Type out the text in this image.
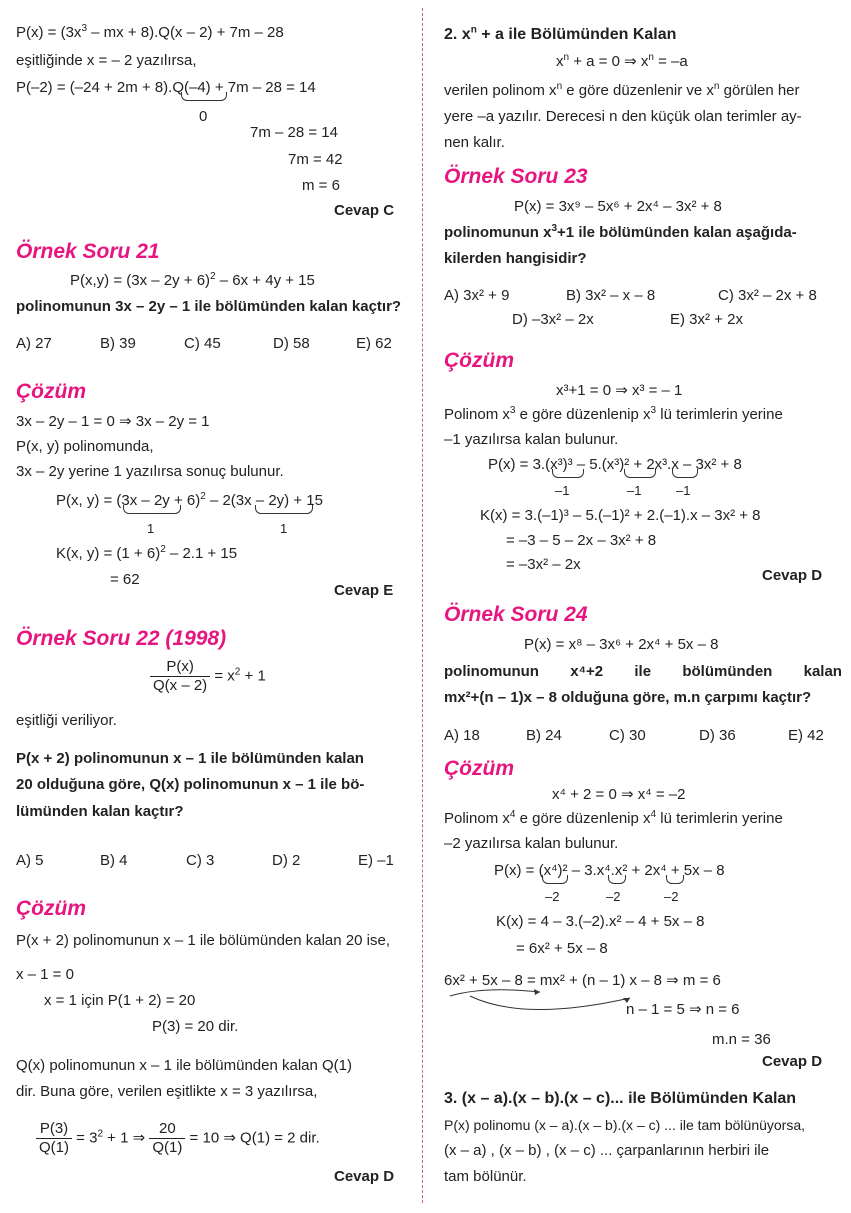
$P(x) = (3x^3$ – mx + 8).Q(x – 2) + 7m – 28
eşitliğinde x = – 2 yazılırsa,
P(–2) = (–24 + 2m + 8).Q(–4) + 7m – 28 = 14
0
7m – 28 = 14
7m = 42
m = 6
Cevap C
Örnek Soru 21
$P(x,y) = (3x - 2y + 6)^2 - 6x + 4y + 15$
polinomunun 3x – 2y – 1 ile bölümünden kalan kaçtır?
A) 27	B) 39	C) 45	D) 58	E) 62
Çözüm
3x – 2y – 1 = 0 ⇒ 3x – 2y = 1
P(x, y) polinomunda,
3x – 2y yerine 1 yazılırsa sonuç bulunur.
P(x, $y) = (3x - 2y + 6)^2 - 2(3x - 2y) + 15$
1	1
K(x, $y) = (1 + 6)^2 - 2.1 + 15$
= 62
Cevap E
Örnek Soru 22 (1998)
$\frac{P(x)}{Q(x - 2)} = x^2 + 1$
eşitliği veriliyor.
P(x + 2) polinomunun x – 1 ile bölümünden kalan
20 olduğuna göre, Q(x) polinomunun x – 1 ile bö-
lümünden kalan kaçtır?
A) 5	B) 4	C) 3	D) 2	E) –1
Çözüm
P(x + 2) polinomunun x – 1 ile bölümünden kalan 20 ise,
x – 1 = 0
x = 1 için P(1 + 2) = 20
P(3) = 20 dir.
Q(x) polinomunun x – 1 ile bölümünden kalan Q(1)
dir. Buna göre, verilen eşitlikte x = 3 yazılırsa,
$\frac{P(3)}{Q(1)} = 3^2 + 1$ ⇒ $\frac{20}{Q(1)} = 10$ ⇒ Q(1) = 2 dir.
Cevap D
2. $x^n + a$ ile Bölümünden Kalan
$x^n + a = 0$ ⇒ $x^n = -a$
verilen polinom $x^n$ e göre düzenlenir ve $x^n$ görülen her
yere –a yazılır. Derecesi n den küçük olan terimler ay-
nen kalır.
Örnek Soru 23
P(x) = 3x⁹ – 5x⁶ + 2x⁴ – 3x² + 8
polinomunun $x^3+1$ ile bölümünden kalan aşağıda-
kilerden hangisidir?
A) 3x² + 9	B) 3x² – x – 8	C) 3x² – 2x + 8
D) –3x² – 2x	E) 3x² + 2x
Çözüm
x³+1 = 0 ⇒ x³ = – 1
Polinom $x^3$ e göre düzenlenip $x^3$ lü terimlerin yerine
–1 yazılırsa kalan bulunur.
P(x) = 3.(x³)³ – 5.(x³)² + 2x³.x – 3x² + 8
–1	–1	–1
K(x) = 3.(–1)³ – 5.(–1)² + 2.(–1).x – 3x² + 8
= –3 – 5 – 2x – 3x² + 8
= –3x² – 2x
Cevap D
Örnek Soru 24
P(x) = x⁸ – 3x⁶ + 2x⁴ + 5x – 8
polinomunun x⁴+2 ile bölümünden kalan
mx²+(n – 1)x – 8 olduğuna göre, m.n çarpımı kaçtır?
A) 18	B) 24	C) 30	D) 36	E) 42
Çözüm
x⁴ + 2 = 0 ⇒ x⁴ = –2
Polinom $x^4$ e göre düzenlenip $x^4$ lü terimlerin yerine
–2 yazılırsa kalan bulunur.
P(x) = (x⁴)² – 3.x⁴.x² + 2x⁴ + 5x – 8
–2	–2	–2
K(x) = 4 – 3.(–2).x² – 4 + 5x – 8
= 6x² + 5x – 8
6x² + 5x – 8 = mx² + (n – 1) x – 8 ⇒ m = 6
n – 1 = 5 ⇒ n = 6
m.n = 36
Cevap D
3. (x – a).(x – b).(x – c)... ile Bölümünden Kalan
P(x) polinomu (x – a).(x – b).(x – c) ... ile tam bölünüyorsa,
(x – a) , (x – b) , (x – c) ... çarpanlarının herbiri ile
tam bölünür.
